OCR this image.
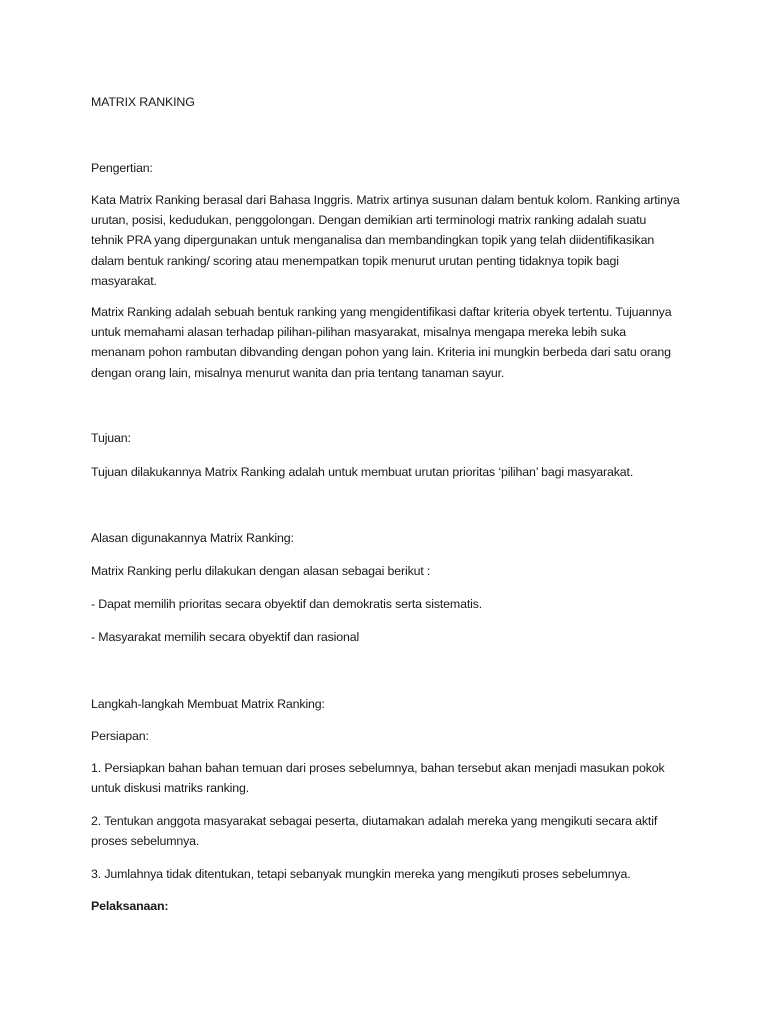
MATRIX RANKING

Pengertian:

Kata Matrix Ranking berasal dari Bahasa Inggris. Matrix artinya susunan dalam bentuk kolom. Ranking artinya urutan, posisi, kedudukan, penggolongan. Dengan demikian arti terminologi matrix ranking adalah suatu tehnik PRA yang dipergunakan untuk menganalisa dan membandingkan topik yang telah diidentifikasikan dalam bentuk ranking/ scoring atau menempatkan topik menurut urutan penting tidaknya topik bagi masyarakat.

Matrix Ranking adalah sebuah bentuk ranking yang mengidentifikasi daftar kriteria obyek tertentu. Tujuannya untuk memahami alasan terhadap pilihan-pilihan masyarakat, misalnya mengapa mereka lebih suka menanam pohon rambutan dibvanding dengan pohon yang lain. Kriteria ini mungkin berbeda dari satu orang dengan orang lain, misalnya menurut wanita dan pria tentang tanaman sayur.

Tujuan:

Tujuan dilakukannya Matrix Ranking adalah untuk membuat urutan prioritas ‘pilihan’ bagi masyarakat.

Alasan digunakannya Matrix Ranking:

Matrix Ranking perlu dilakukan dengan alasan sebagai berikut :

- Dapat memilih prioritas secara obyektif dan demokratis serta sistematis.

- Masyarakat memilih secara obyektif dan rasional

Langkah-langkah Membuat Matrix Ranking:

Persiapan:

1. Persiapkan bahan bahan temuan dari proses sebelumnya, bahan tersebut akan menjadi masukan pokok untuk diskusi matriks ranking.

2. Tentukan anggota masyarakat sebagai peserta, diutamakan adalah mereka yang mengikuti secara aktif proses sebelumnya.

3. Jumlahnya tidak ditentukan, tetapi sebanyak mungkin mereka yang mengikuti proses sebelumnya.

Pelaksanaan:
